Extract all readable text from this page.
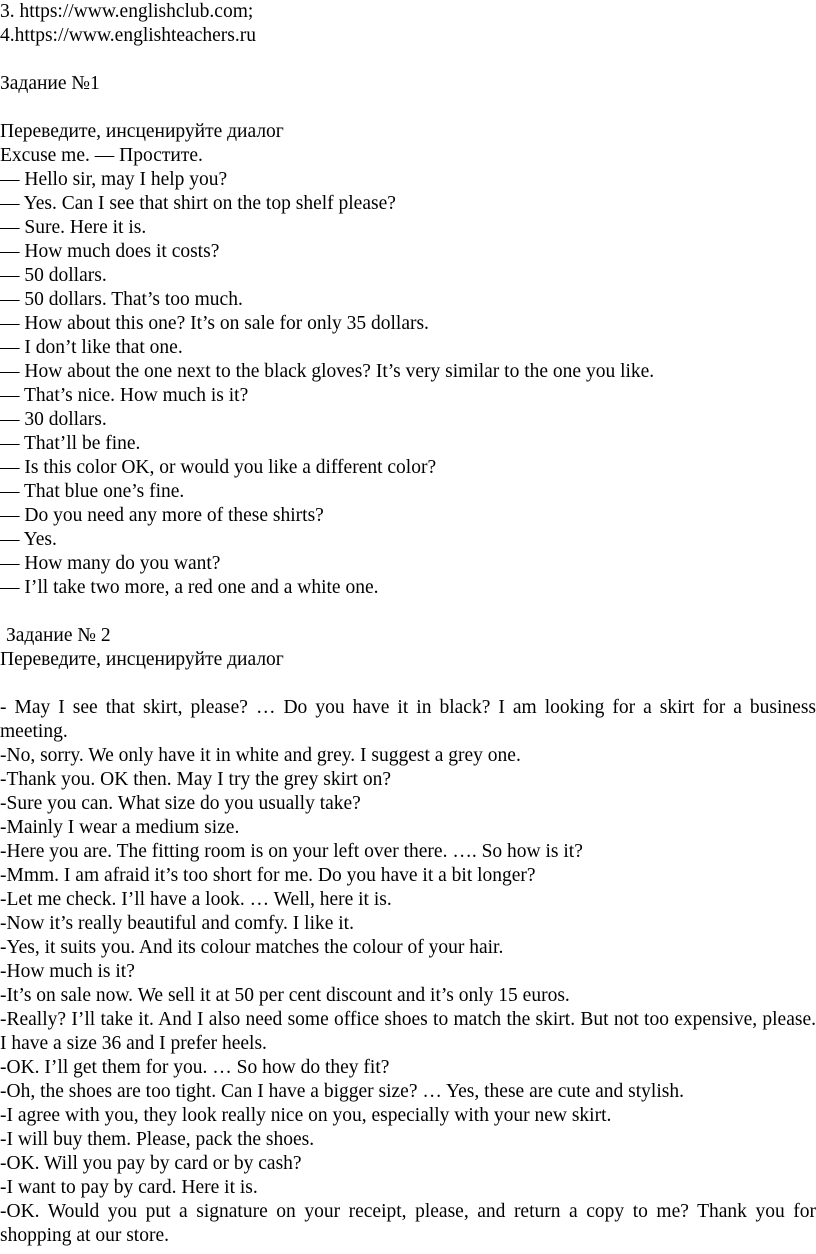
3. https://www.englishclub.com;
4.https://www.englishteachers.ru
Задание №1
Переведите, инсценируйте диалог
Excuse me. — Простите.
— Hello sir, may I help you?
— Yes. Can I see that shirt on the top shelf please?
— Sure. Here it is.
— How much does it costs?
— 50 dollars.
— 50 dollars. That’s too much.
— How about this one? It’s on sale for only 35 dollars.
— I don’t like that one.
— How about the one next to the black gloves? It’s very similar to the one you like.
— That’s nice. How much is it?
— 30 dollars.
— That’ll be fine.
— Is this color OK, or would you like a different color?
— That blue one’s fine.
— Do you need any more of these shirts?
— Yes.
— How many do you want?
— I’ll take two more, a red one and a white one.
Задание № 2
Переведите, инсценируйте диалог
- May I see that skirt, please? … Do you have it in black? I am looking for a skirt for a business meeting.
-No, sorry. We only have it in white and grey. I suggest a grey one.
-Thank you. OK then. May I try the grey skirt on?
-Sure you can. What size do you usually take?
-Mainly I wear a medium size.
-Here you are. The fitting room is on your left over there. …. So how is it?
-Mmm. I am afraid it’s too short for me. Do you have it a bit longer?
-Let me check. I’ll have a look. … Well, here it is.
-Now it’s really beautiful and comfy. I like it.
-Yes, it suits you. And its colour matches the colour of your hair.
-How much is it?
-It’s on sale now. We sell it at 50 per cent discount and it’s only 15 euros.
-Really? I’ll take it. And I also need some office shoes to match the skirt. But not too expensive, please. I have a size 36 and I prefer heels.
-OK. I’ll get them for you. … So how do they fit?
-Oh, the shoes are too tight. Can I have a bigger size? … Yes, these are cute and stylish.
-I agree with you, they look really nice on you, especially with your new skirt.
-I will buy them. Please, pack the shoes.
-OK. Will you pay by card or by cash?
-I want to pay by card. Here it is.
-OK. Would you put a signature on your receipt, please, and return a copy to me? Thank you for shopping at our store.
